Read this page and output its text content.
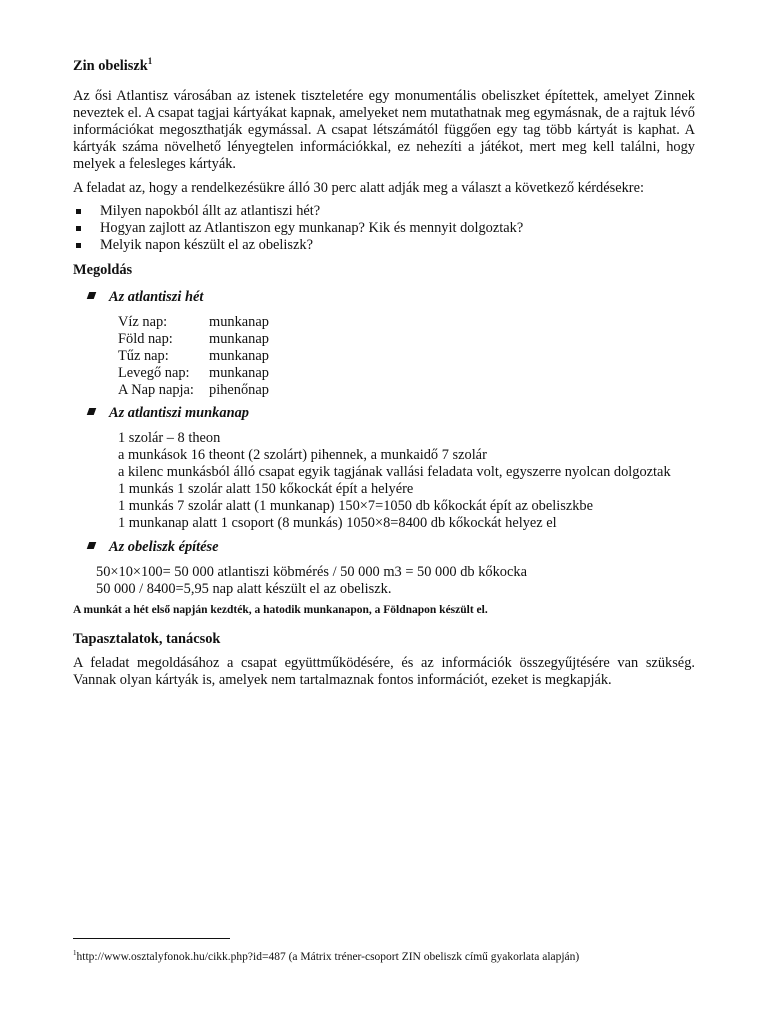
Zin obeliszk$^1$

Az ősi Atlantisz városában az istenek tiszteletére egy monumentális obeliszket építettek, amelyet Zinnek neveztek el. A csapat tagjai kártyákat kapnak, amelyeket nem mutathatnak meg egymásnak, de a rajtuk lévő információkat megoszthatják egymással. A csapat létszámától függően egy tag több kártyát is kaphat. A kártyák száma növelhető lényegtelen információkkal, ez nehezíti a játékot, mert meg kell találni, hogy melyek a felesleges kártyák.

A feladat az, hogy a rendelkezésükre álló 30 perc alatt adják meg a választ a következő kérdésekre:

Milyen napokból állt az atlantiszi hét?
Hogyan zajlott az Atlantiszon egy munkanap? Kik és mennyit dolgoztak?
Melyik napon készült el az obeliszk?
Megoldás
Az atlantiszi hét
Víz nap:	munkanap
Föld nap:	munkanap
Tűz nap:	munkanap
Levegő nap:	munkanap
A Nap napja:	pihenőnap
Az atlantiszi munkanap
1 szolár – 8 theon
a munkások 16 theont (2 szolárt) pihennek, a munkaidő 7 szolár
a kilenc munkásból álló csapat egyik tagjának vallási feladata volt, egyszerre nyolcan dolgoztak
1 munkás 1 szolár alatt 150 kőkockát épít a helyére
1 munkás 7 szolár alatt (1 munkanap) 150×7=1050 db kőkockát épít az obeliszkbe
1 munkanap alatt 1 csoport (8 munkás) 1050×8=8400 db kőkockát helyez el
Az obeliszk építése
50×10×100= 50 000 atlantiszi köbmérés / 50 000 m3 = 50 000 db kőkocka
50 000 / 8400=5,95 nap alatt készült el az obeliszk.

A munkát a hét első napján kezdték, a hatodik munkanapon, a Földnapon készült el.

Tapasztalatok, tanácsok

A feladat megoldásához a csapat együttműködésére, és az információk összegyűjtésére van szükség. Vannak olyan kártyák is, amelyek nem tartalmaznak fontos információt, ezeket is megkapják.

$^1$http://www.osztalyfonok.hu/cikk.php?id=487 (a Mátrix tréner-csoport ZIN obeliszk című gyakorlata alapján)
